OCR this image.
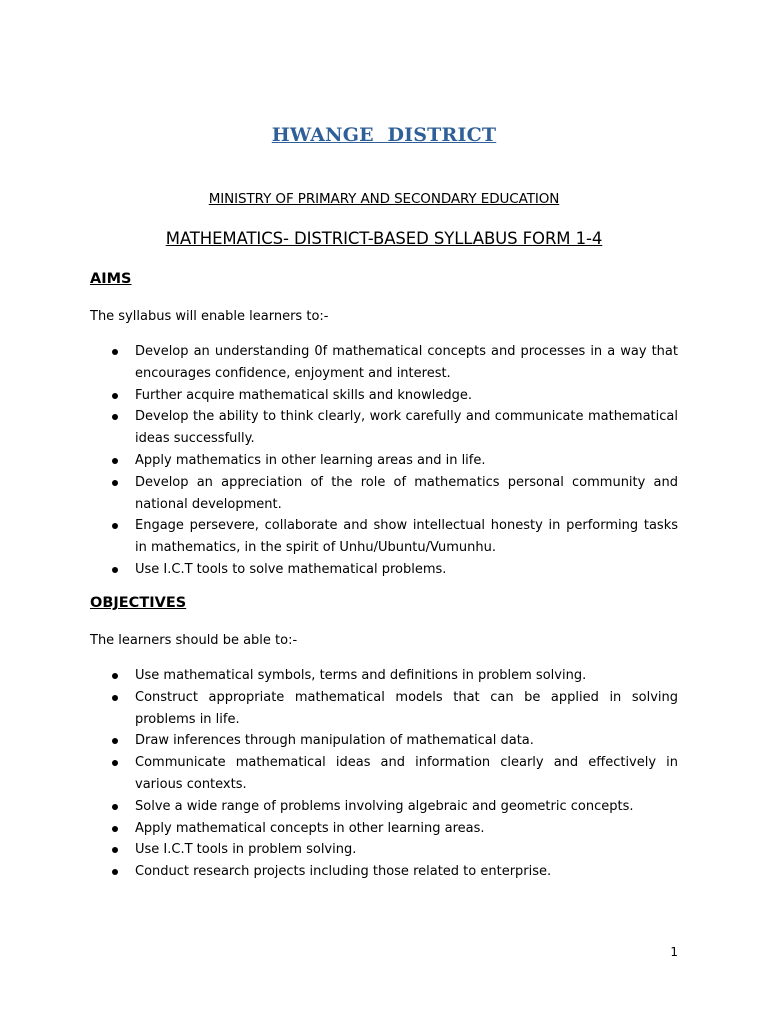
HWANGE  DISTRICT
MINISTRY OF PRIMARY AND SECONDARY EDUCATION
MATHEMATICS- DISTRICT-BASED SYLLABUS FORM 1-4
AIMS
The syllabus will enable learners to:-
Develop an understanding 0f mathematical concepts and processes in a way that encourages confidence, enjoyment and interest.
Further acquire mathematical skills and knowledge.
Develop the ability to think clearly, work carefully and communicate mathematical ideas successfully.
Apply mathematics in other learning areas and in life.
Develop an appreciation of the role of mathematics personal community and national development.
Engage persevere, collaborate and show intellectual honesty in performing tasks in mathematics, in the spirit of Unhu/Ubuntu/Vumunhu.
Use I.C.T tools to solve mathematical problems.
OBJECTIVES
The learners should be able to:-
Use mathematical symbols, terms and definitions in problem solving.
Construct appropriate mathematical models that can be applied in solving problems in life.
Draw inferences through manipulation of mathematical data.
Communicate mathematical ideas and information clearly and effectively in various contexts.
Solve a wide range of problems involving algebraic and geometric concepts.
Apply mathematical concepts in other learning areas.
Use I.C.T tools in problem solving.
Conduct research projects including those related to enterprise.
1
